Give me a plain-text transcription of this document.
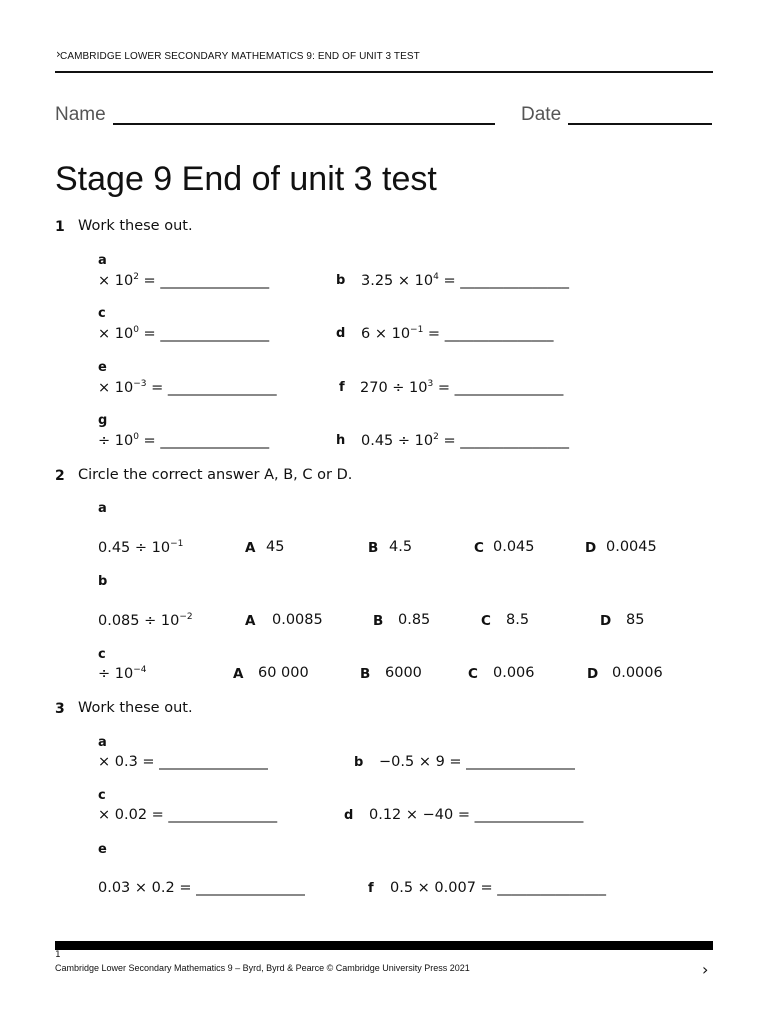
› CAMBRIDGE LOWER SECONDARY MATHEMATICS 9: END OF UNIT 3 TEST
Name	Date
Stage 9 End of unit 3 test
1 Work these out.
a
× $10^2$ = _______________	b $3.25 \times 10^4$ = _______________
c
× $10^0$ = _______________	d $6 \times 10^{-1}$ = _______________
e
× $10^{-3}$ = _______________	f $270 \div 10^3$ = _______________
g
÷ $10^0$ = _______________	h $0.45 \div 10^2$ = _______________
2 Circle the correct answer A, B, C or D.
a
$0.45 \div 10^{-1}$	A 45	B 4.5	C 0.045	D 0.0045
b
$0.085 \div 10^{-2}$	A 0.0085	B 0.85	C 8.5	D 85
c
÷ $10^{-4}$	A 60 000	B 6000	C 0.006	D 0.0006
3 Work these out.
a
× 0.3 = _______________	b −0.5 × 9 = _______________
c
× 0.02 = _______________	d 0.12 × −40 = _______________
e
0.03 × 0.2 = _______________	f 0.5 × 0.007 = _______________
1
Cambridge Lower Secondary Mathematics 9 – Byrd, Byrd & Pearce © Cambridge University Press 2021	›
